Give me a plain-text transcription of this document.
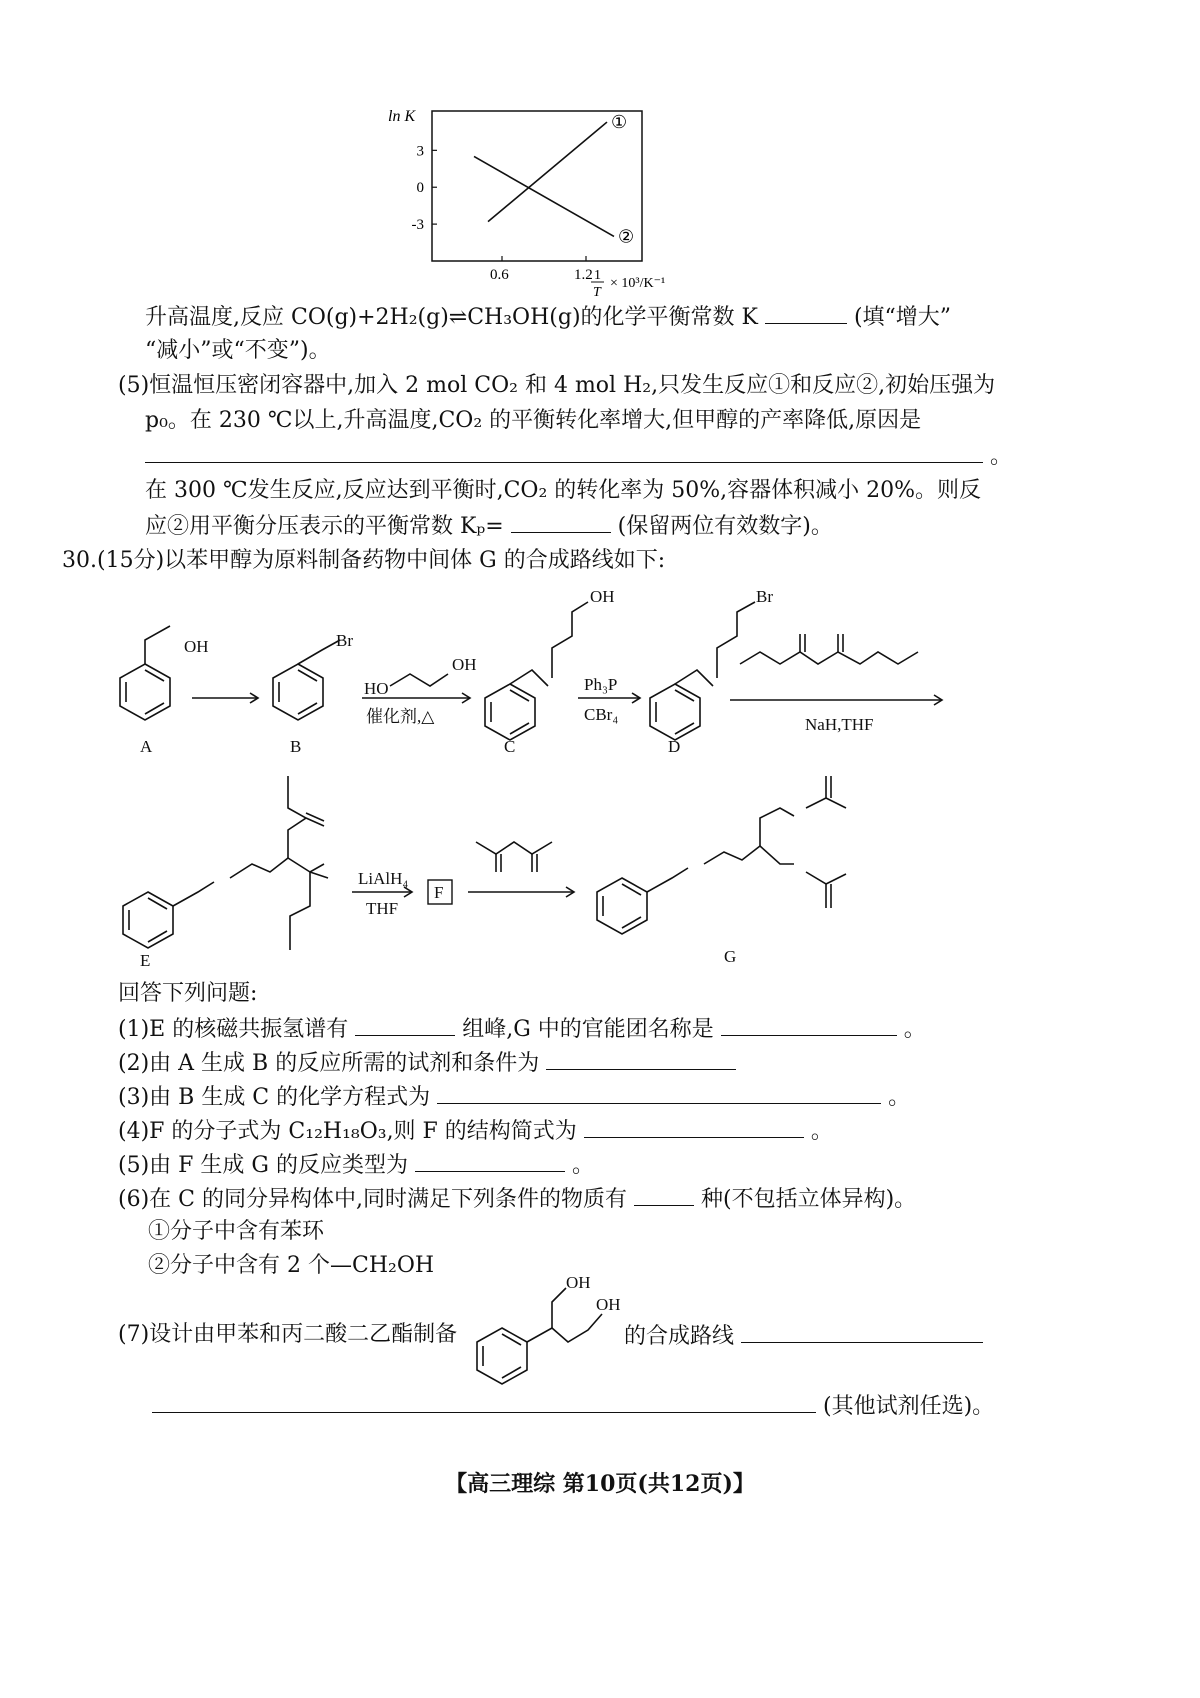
ln K
0.6	1.2
3
0
-3
①
②
1
T
× 10³/K⁻¹
升高温度,反应 CO(g)+2H₂(g)⇌CH₃OH(g)的化学平衡常数 K	(填“增大”
“减小”或“不变”)。
(5)恒温恒压密闭容器中,加入 2 mol CO₂ 和 4 mol H₂,只发生反应①和反应②,初始压强为
p₀。在 230 ℃以上,升高温度,CO₂ 的平衡转化率增大,但甲醇的产率降低,原因是
。
在 300 ℃发生反应,反应达到平衡时,CO₂ 的转化率为 50%,容器体积减小 20%。则反
应②用平衡分压表示的平衡常数 Kₚ=	(保留两位有效数字)。
30.(15分)以苯甲醇为原料制备药物中间体 G 的合成路线如下:
OH	Br
OH
HO
催化剂,△
OH
Ph₃P
CBr₄
Br
NaH,THF
A	B	C	D
LiAlH₄
THF
F
E	G
回答下列问题:
(1)E 的核磁共振氢谱有	组峰,G 中的官能团名称是	。
(2)由 A 生成 B 的反应所需的试剂和条件为
(3)由 B 生成 C 的化学方程式为	。
(4)F 的分子式为 C₁₂H₁₈O₃,则 F 的结构简式为	。
(5)由 F 生成 G 的反应类型为	。
(6)在 C 的同分异构体中,同时满足下列条件的物质有	种(不包括立体异构)。
①分子中含有苯环
②分子中含有 2 个—CH₂OH
(7)设计由甲苯和丙二酸二乙酯制备
OH
OH
的合成路线
(其他试剂任选)。
【高三理综 第10页(共12页)】
